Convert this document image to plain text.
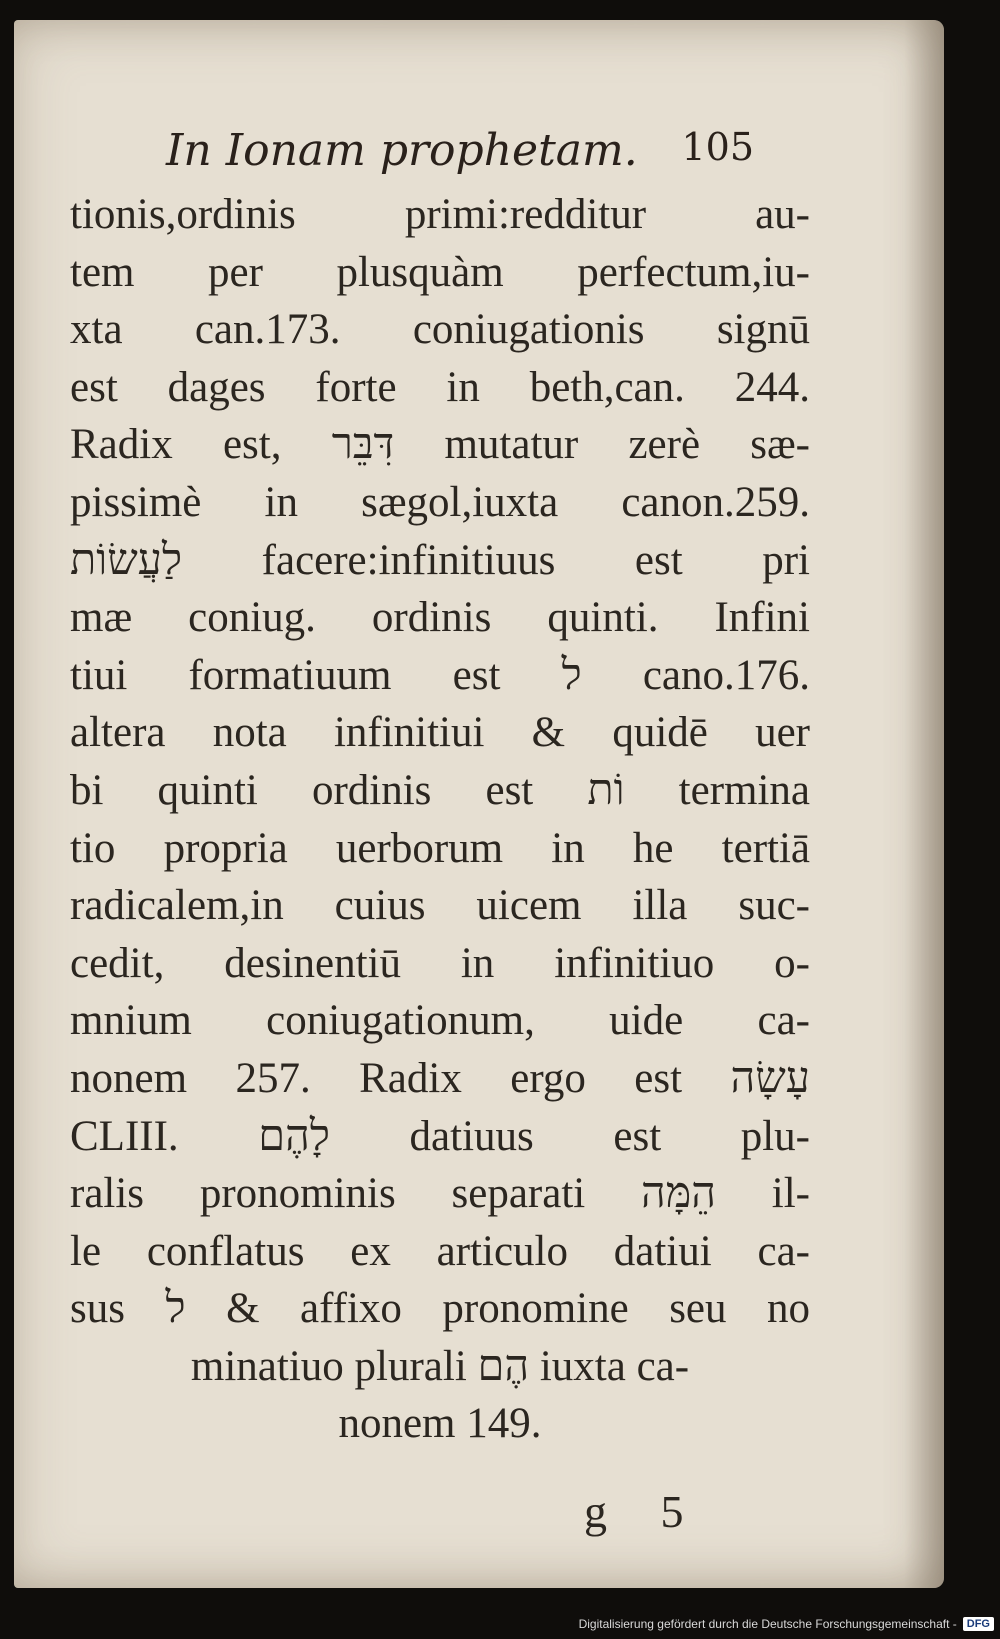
In Ionam prophetam. 105
tionis,ordinis primi:redditur au-
tem per plusquàm perfectum,iu-
xta can.173. coniugationis signū
est dages forte in beth,can. 244.
Radix est, דִּבֵּר mutatur zerè sæ-
pissimè in sægol,iuxta canon.259.
לַעֲשׂוֹת facere:infinitiuus est pri
mæ coniug. ordinis quinti. Infini
tiui formatiuum est ל cano.176.
altera nota infinitiui & quidē uer
bi quinti ordinis est וֹת termina
tio propria uerborum in he tertiā
radicalem,in cuius uicem illa suc-
cedit, desinentiū in infinitiuo o-
mnium coniugationum, uide ca-
nonem 257. Radix ergo est עָשָׂה
CLIII. לָהֶם datiuus est plu-
ralis pronominis separati הֵמָּה il-
le conflatus ex articulo datiui ca-
sus ל & affixo pronomine seu no
minatiuo plurali הֶם iuxta ca-
nonem 149.
g 5
Digitalisierung gefördert durch die Deutsche Forschungsgemeinschaft - DFG
